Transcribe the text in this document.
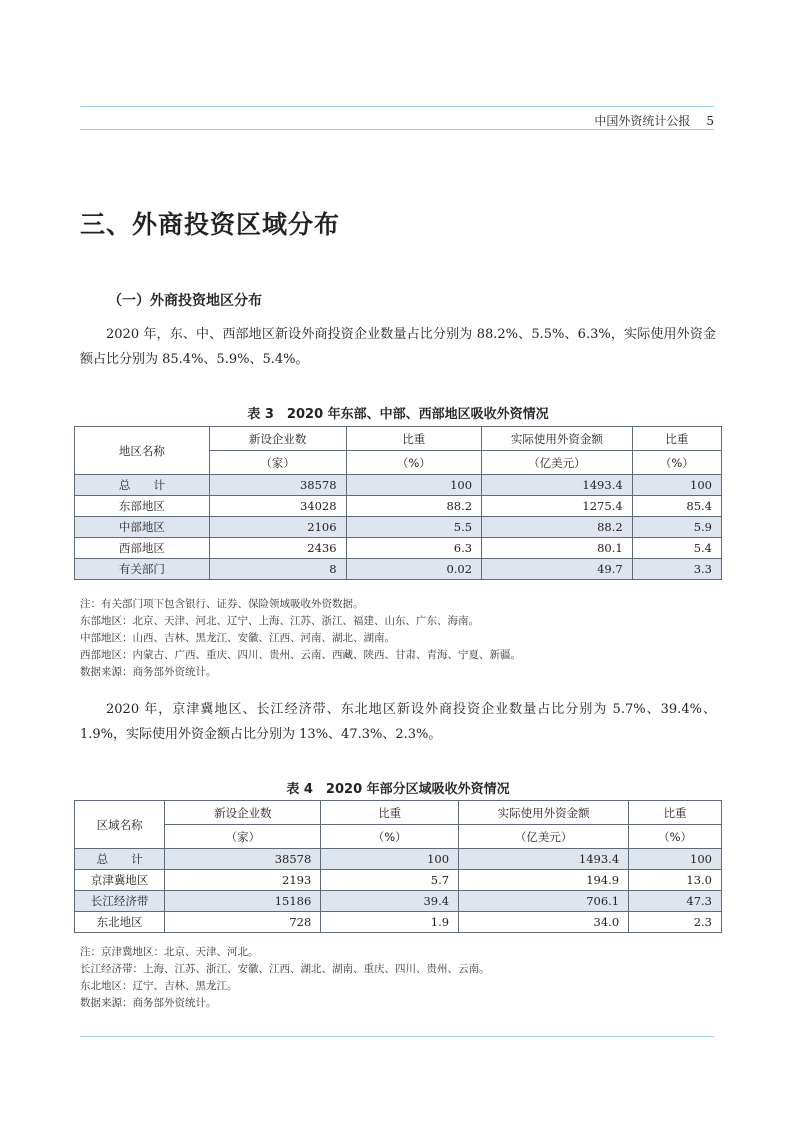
中国外资统计公报 5
三、外商投资区域分布
（一）外商投资地区分布
2020 年，东、中、西部地区新设外商投资企业数量占比分别为 88.2%、5.5%、6.3%，实际使用外资金额占比分别为 85.4%、5.9%、5.4%。
表 3　2020 年东部、中部、西部地区吸收外资情况
地区名称	新设企业数	比重	实际使用外资金额	比重
	（家）	（%）	（亿美元）	（%）
总　　计	38578	100	1493.4	100
东部地区	34028	88.2	1275.4	85.4
中部地区	2106	5.5	88.2	5.9
西部地区	2436	6.3	80.1	5.4
有关部门	8	0.02	49.7	3.3
注：有关部门项下包含银行、证券、保险领域吸收外资数据。
东部地区：北京、天津、河北、辽宁、上海、江苏、浙江、福建、山东、广东、海南。
中部地区：山西、吉林、黑龙江、安徽、江西、河南、湖北、湖南。
西部地区：内蒙古、广西、重庆、四川、贵州、云南、西藏、陕西、甘肃、青海、宁夏、新疆。
数据来源：商务部外资统计。
2020 年，京津冀地区、长江经济带、东北地区新设外商投资企业数量占比分别为 5.7%、39.4%、1.9%，实际使用外资金额占比分别为 13%、47.3%、2.3%。
表 4　2020 年部分区域吸收外资情况
区域名称	新设企业数	比重	实际使用外资金额	比重
	（家）	（%）	（亿美元）	（%）
总　　计	38578	100	1493.4	100
京津冀地区	2193	5.7	194.9	13.0
长江经济带	15186	39.4	706.1	47.3
东北地区	728	1.9	34.0	2.3
注：京津冀地区：北京、天津、河北。
长江经济带：上海、江苏、浙江、安徽、江西、湖北、湖南、重庆、四川、贵州、云南。
东北地区：辽宁、吉林、黑龙江。
数据来源：商务部外资统计。
